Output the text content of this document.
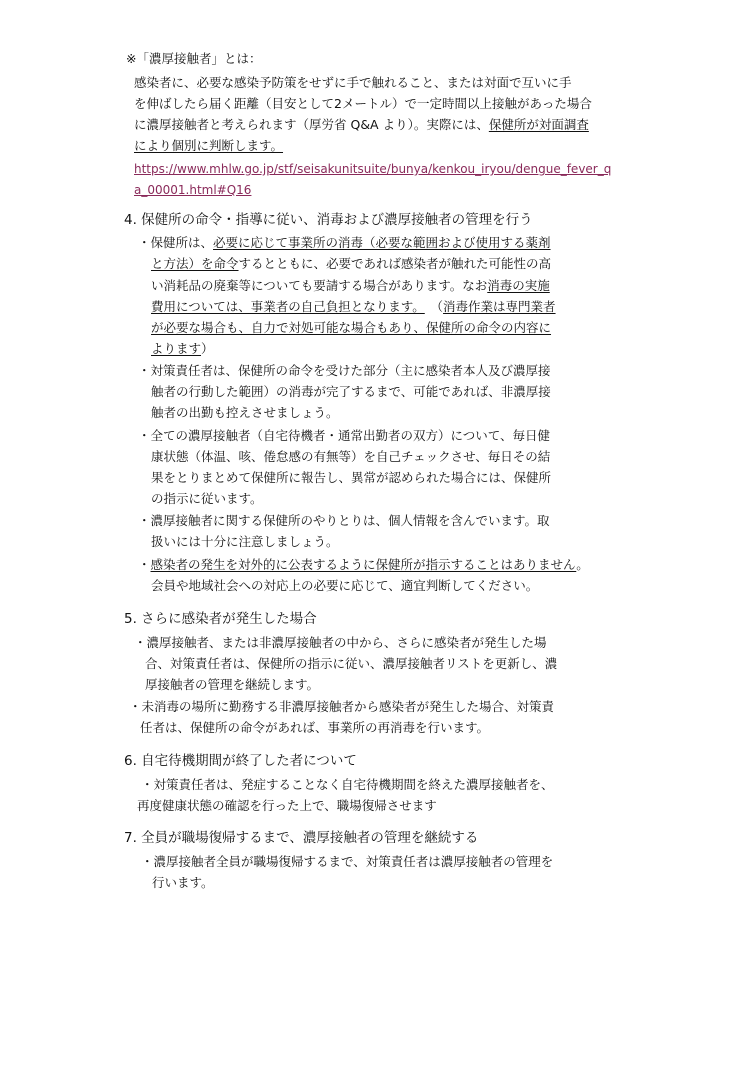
※「濃厚接触者」とは：
感染者に、必要な感染予防策をせずに手で触れること、または対面で互いに手
を伸ばしたら届く距離（目安として2メートル）で一定時間以上接触があった場合
に濃厚接触者と考えられます（厚労省 Q&A より）。実際には、保健所が対面調査
により個別に判断します。
https://www.mhlw.go.jp/stf/seisakunitsuite/bunya/kenkou_iryou/dengue_fever_q
a_00001.html#Q16
4. 保健所の命令・指導に従い、消毒および濃厚接触者の管理を行う
・保健所は、必要に応じて事業所の消毒（必要な範囲および使用する薬剤
と方法）を命令するとともに、必要であれば感染者が触れた可能性の高
い消耗品の廃棄等についても要請する場合があります。なお消毒の実施
費用については、事業者の自己負担となります。 （消毒作業は専門業者
が必要な場合も、自力で対処可能な場合もあり、保健所の命令の内容に
よります）
・対策責任者は、保健所の命令を受けた部分（主に感染者本人及び濃厚接
触者の行動した範囲）の消毒が完了するまで、可能であれば、非濃厚接
触者の出勤も控えさせましょう。
・全ての濃厚接触者（自宅待機者・通常出勤者の双方）について、毎日健
康状態（体温、咳、倦怠感の有無等）を自己チェックさせ、毎日その結
果をとりまとめて保健所に報告し、異常が認められた場合には、保健所
の指示に従います。
・濃厚接触者に関する保健所のやりとりは、個人情報を含んでいます。取
扱いには十分に注意しましょう。
・感染者の発生を対外的に公表するように保健所が指示することはありません。
会員や地域社会への対応上の必要に応じて、適宜判断してください。
5. さらに感染者が発生した場合
・濃厚接触者、または非濃厚接触者の中から、さらに感染者が発生した場
合、対策責任者は、保健所の指示に従い、濃厚接触者リストを更新し、濃
厚接触者の管理を継続します。
・未消毒の場所に勤務する非濃厚接触者から感染者が発生した場合、対策責
任者は、保健所の命令があれば、事業所の再消毒を行います。
6. 自宅待機期間が終了した者について
・対策責任者は、発症することなく自宅待機期間を終えた濃厚接触者を、
再度健康状態の確認を行った上で、職場復帰させます
7. 全員が職場復帰するまで、濃厚接触者の管理を継続する
・濃厚接触者全員が職場復帰するまで、対策責任者は濃厚接触者の管理を
行います。
